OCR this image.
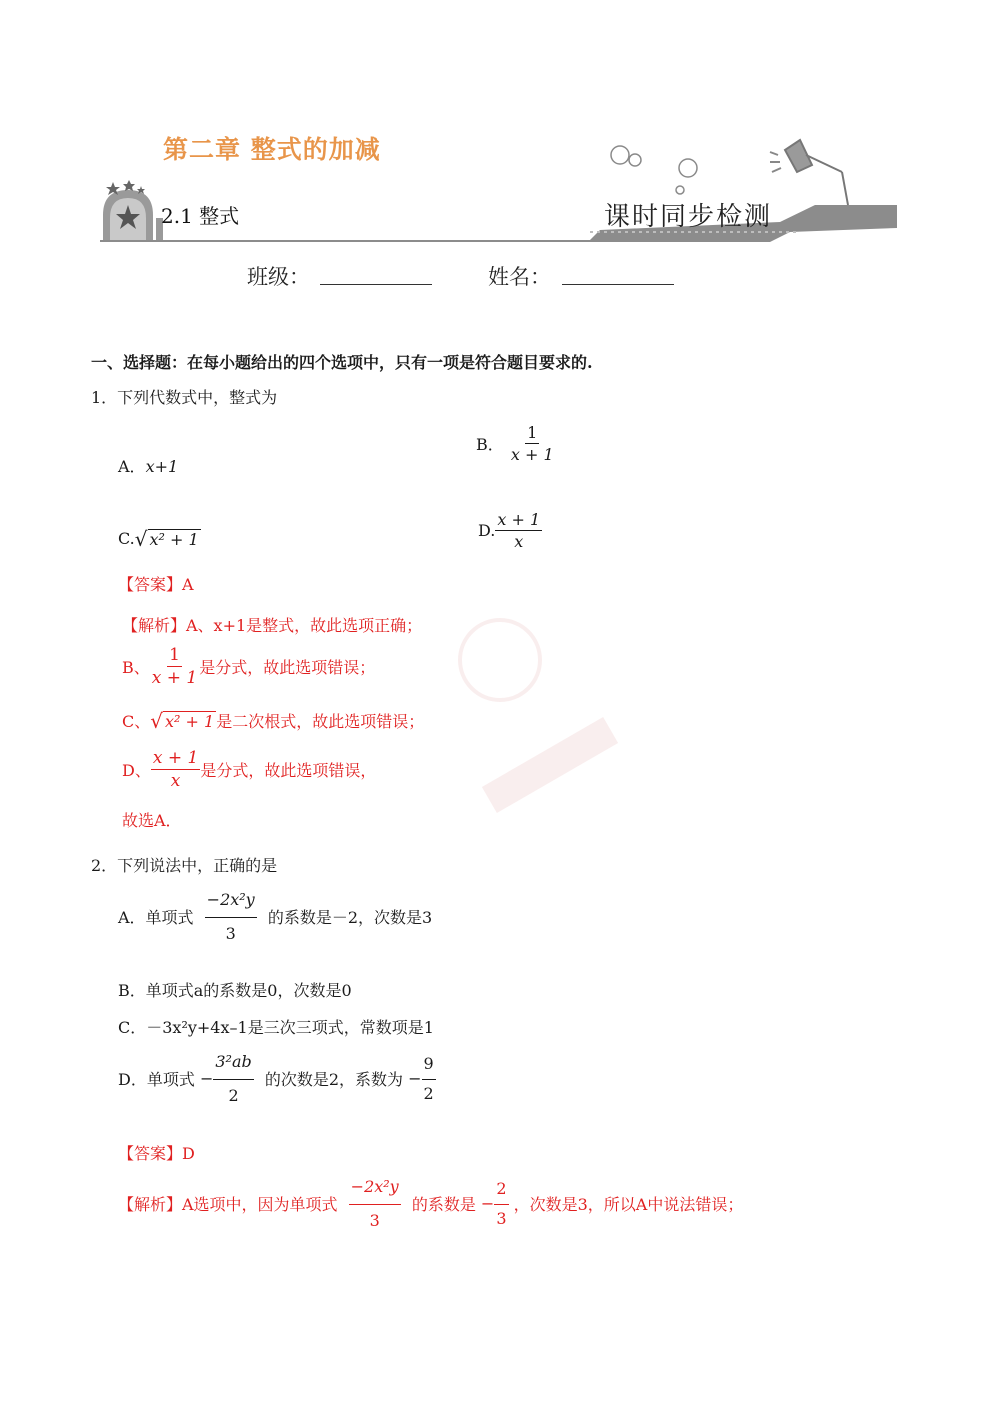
第二章 整式的加减
2.1 整式	课时同步检测
班级：	姓名：
一、选择题：在每小题给出的四个选项中，只有一项是符合题目要求的.
1．下列代数式中，整式为
A．x+1
B． $\frac{1}{x + 1}$
C. √ x² + 1	D. $\frac{x + 1}{x}$
【答案】A
【解析】A、x+1是整式，故此选项正确；
B、 $\frac{1}{x + 1}$ 是分式，故此选项错误；
C、 √ x² + 1 是二次根式，故此选项错误；
D、 $\frac{x + 1}{x}$ 是分式，故此选项错误，
故选A．
2．下列说法中，正确的是
A．单项式 $\frac{\text{−2x²y}}{3}$ 的系数是－2，次数是3
B．单项式a的系数是0，次数是0
C．－3x²y+4x–1是三次三项式，常数项是1
D．单项式 − $\frac{\text{3²ab}}{2}$ 的次数是2，系数为 − $\frac{9}{2}$
【答案】D
【解析】A选项中，因为单项式 $\frac{\text{−2x²y}}{3}$ 的系数是 − $\frac{2}{3}$ ，次数是3，所以A中说法错误；
